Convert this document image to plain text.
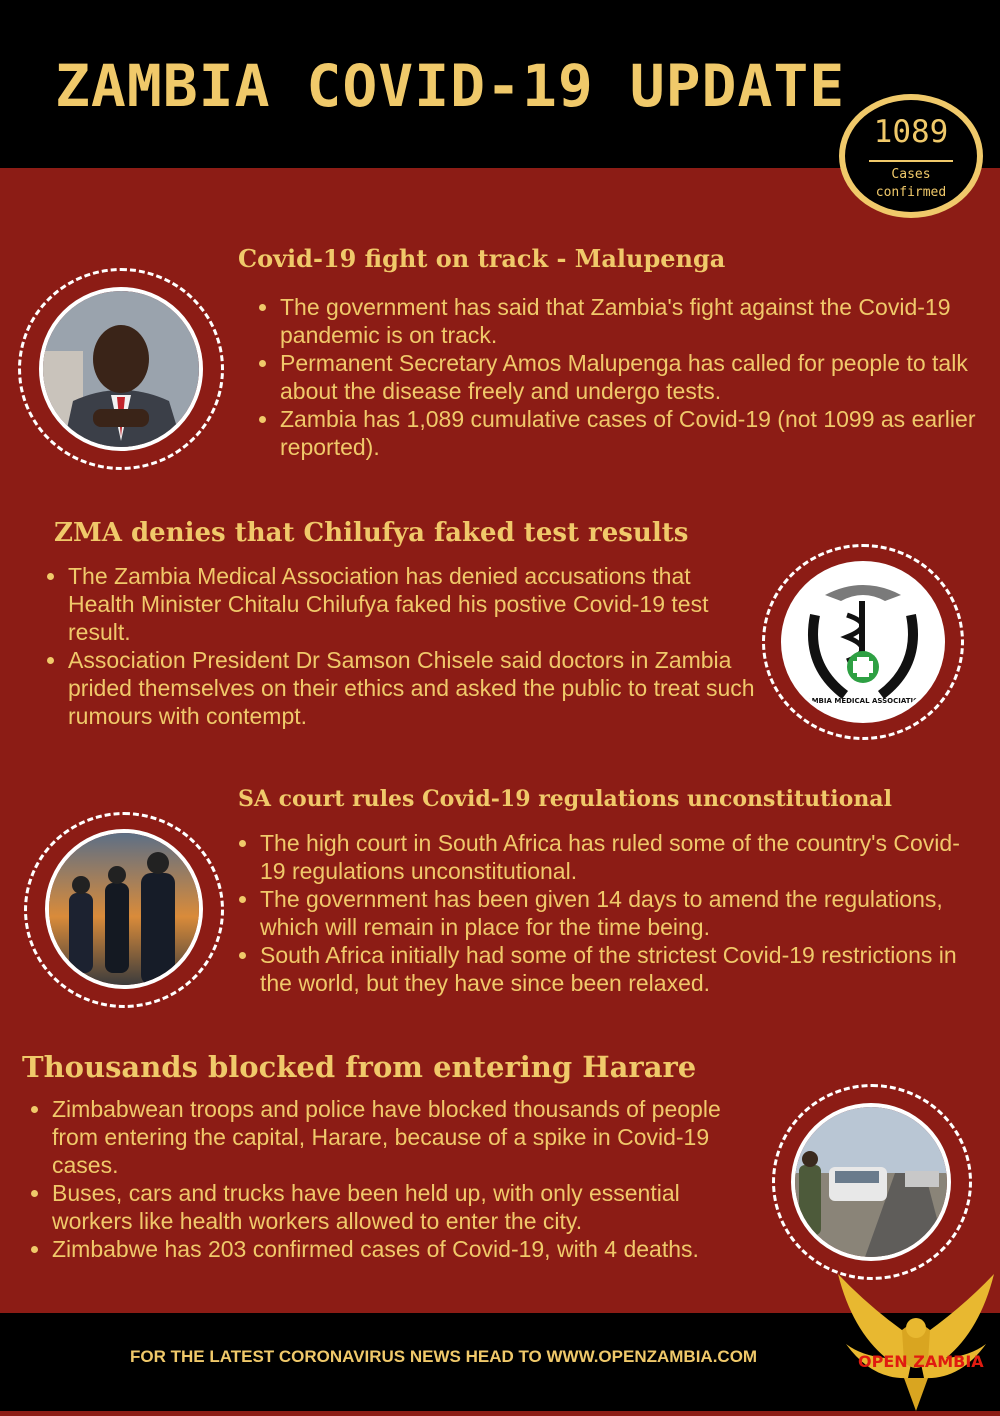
ZAMBIA COVID-19 UPDATE
1089
Cases
confirmed
Covid-19 fight on track - Malupenga
• The government has said that Zambia's fight against the Covid-19 pandemic is on track.
• Permanent Secretary Amos Malupenga has called for people to talk about the disease freely and undergo tests.
• Zambia has 1,089 cumulative cases of Covid-19 (not 1099 as earlier reported).
ZMA denies that Chilufya faked test results
• The Zambia Medical Association has denied accusations that Health Minister Chitalu Chilufya faked his postive Covid-19 test result.
• Association President Dr Samson Chisele said doctors in Zambia prided themselves on their ethics and asked the public to treat such rumours with contempt.
ZAMBIA MEDICAL ASSOCIATION
SA court rules Covid-19 regulations unconstitutional
• The high court in South Africa has ruled some of the country's Covid-19 regulations unconstitutional.
• The government has been given 14 days to amend the regulations, which will remain in place for the time being.
• South Africa initially had some of the strictest Covid-19 restrictions in the world, but they have since been relaxed.
Thousands blocked from entering Harare
• Zimbabwean troops and police have blocked thousands of people from entering the capital, Harare, because of a spike in Covid-19 cases.
• Buses, cars and trucks have been held up, with only essential workers like health workers allowed to enter the city.
• Zimbabwe has 203 confirmed cases of Covid-19, with 4 deaths.

FOR THE LATEST CORONAVIRUS NEWS HEAD TO WWW.OPENZAMBIA.COM	OPEN ZAMBIA
